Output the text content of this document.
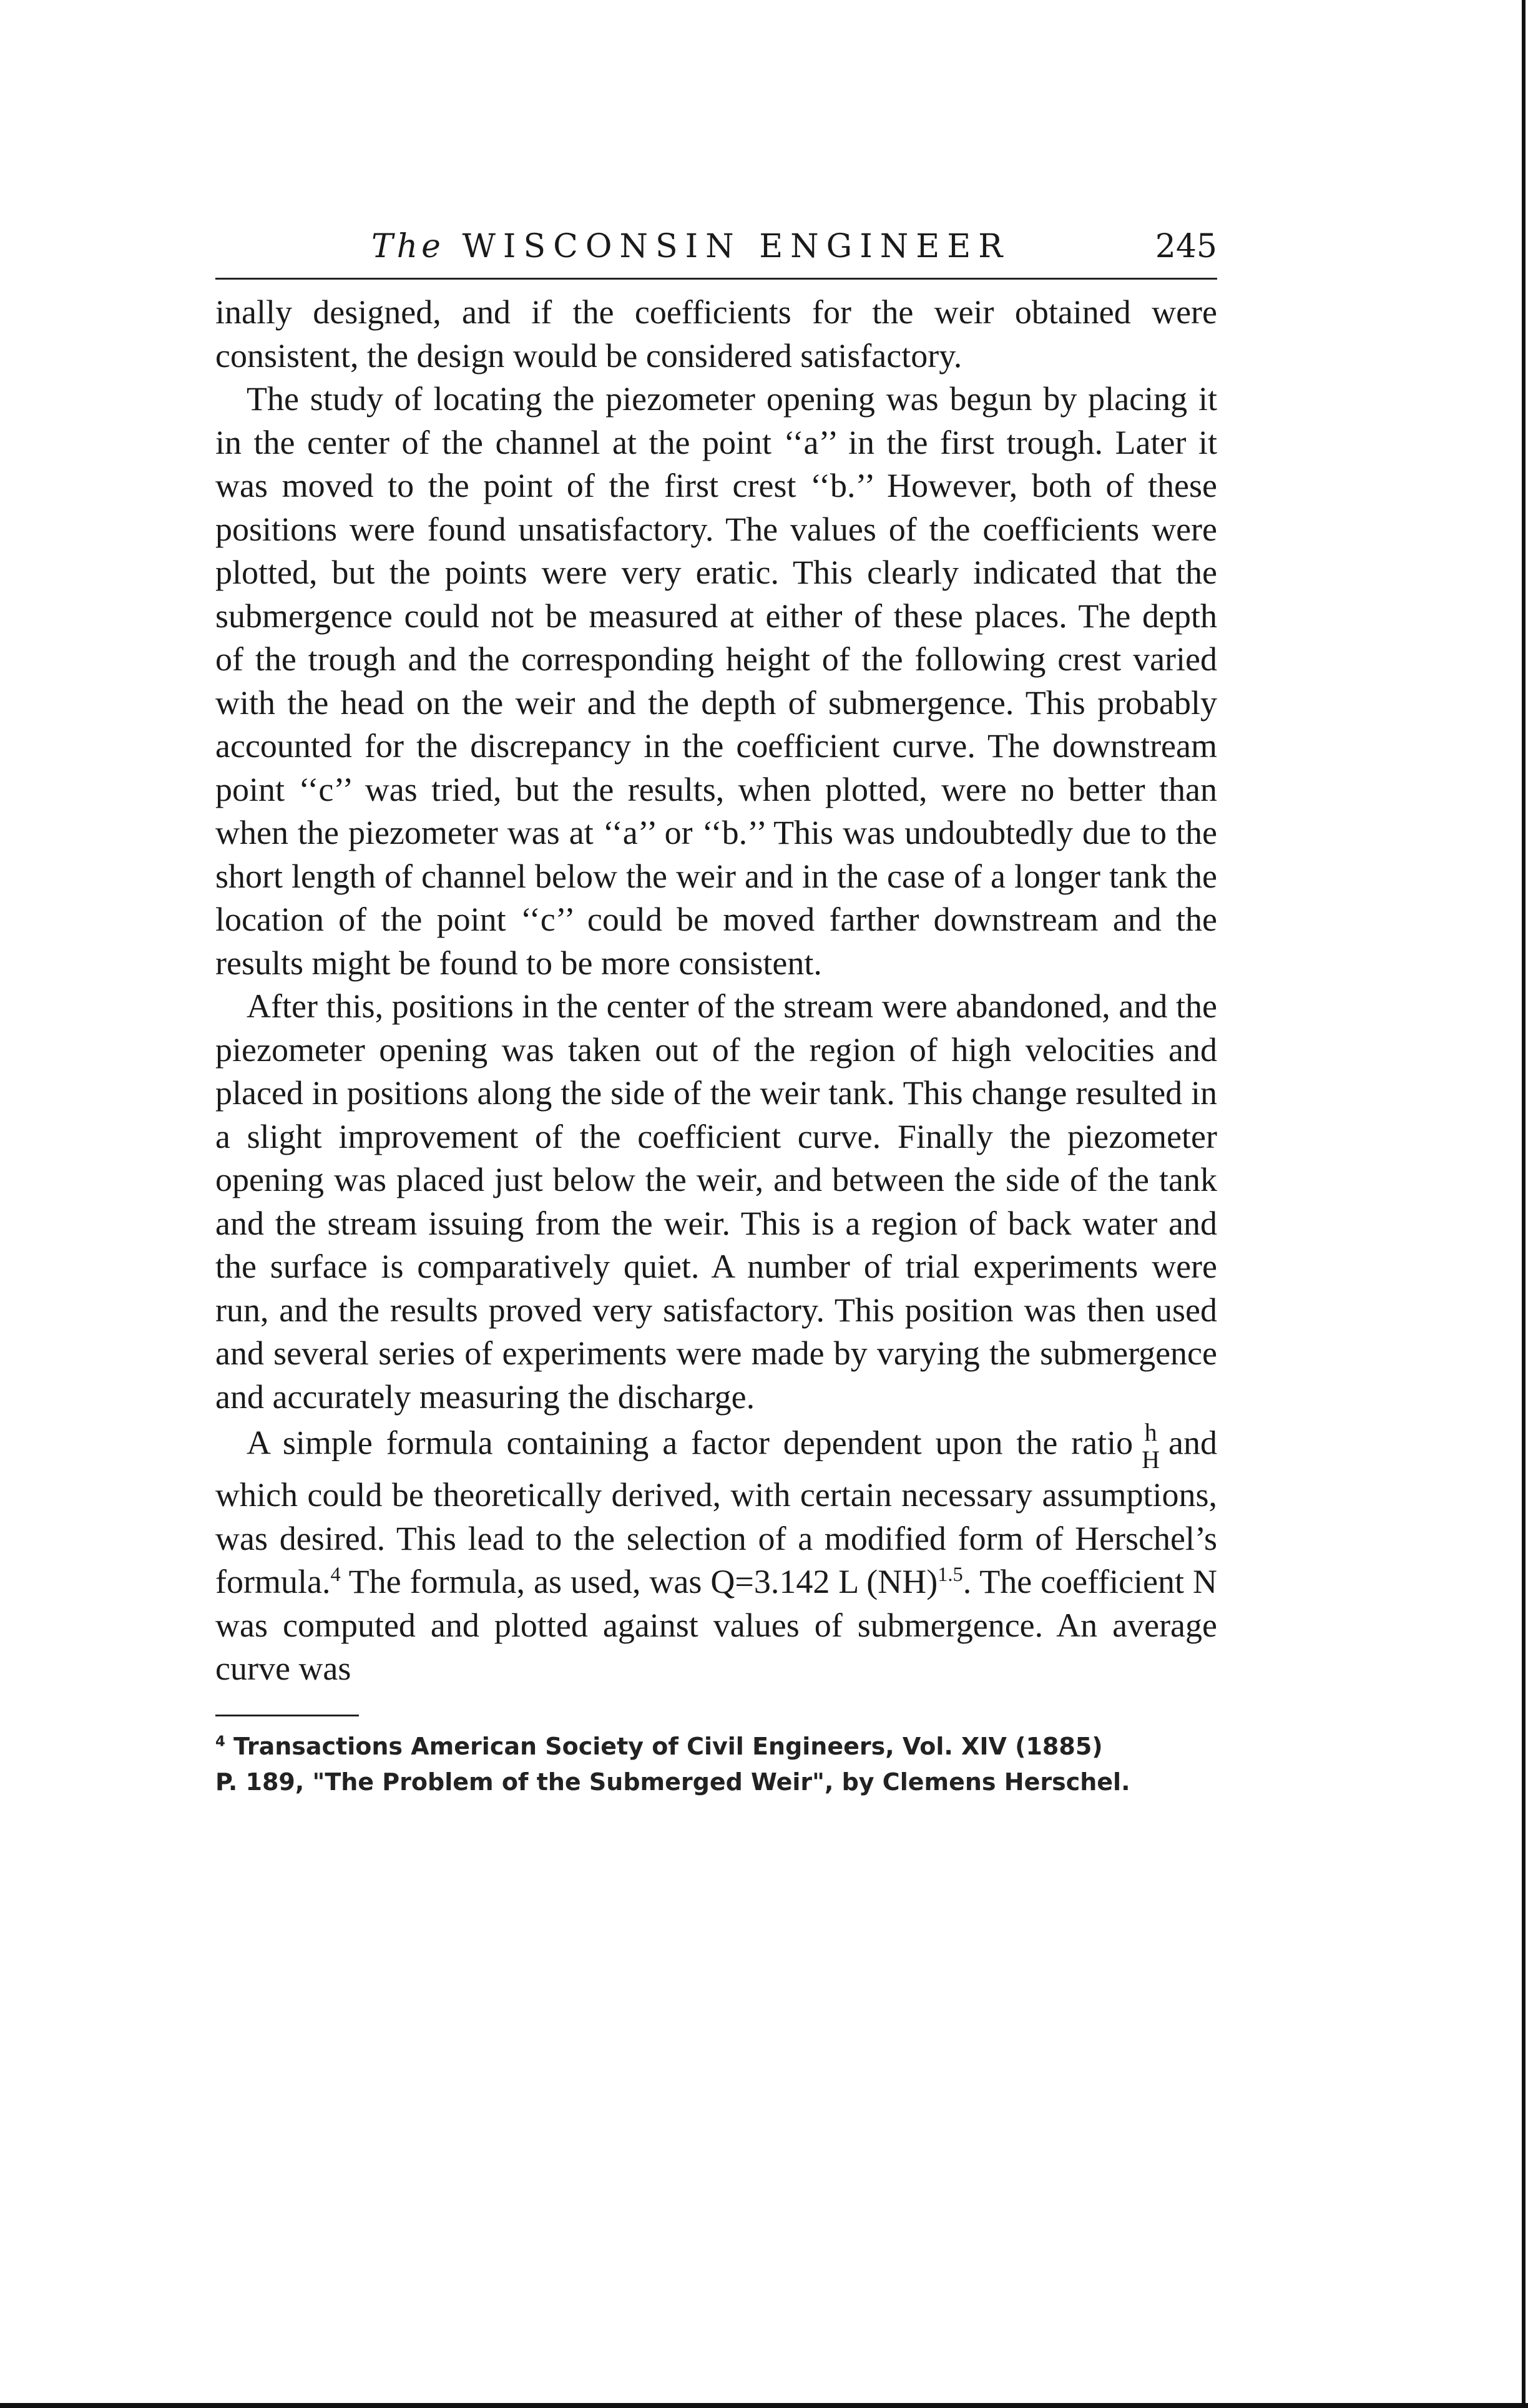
The WISCONSIN ENGINEER	245

inally designed, and if the coefficients for the weir obtained were consistent, the design would be considered satisfactory.

The study of locating the piezometer opening was begun by placing it in the center of the channel at the point ‘‘a’’ in the first trough. Later it was moved to the point of the first crest ‘‘b.’’ However, both of these positions were found unsatisfactory. The values of the coefficients were plotted, but the points were very eratic. This clearly indicated that the submergence could not be measured at either of these places. The depth of the trough and the corresponding height of the following crest varied with the head on the weir and the depth of submergence. This probably accounted for the discrepancy in the coefficient curve. The downstream point ‘‘c’’ was tried, but the results, when plotted, were no better than when the piezometer was at ‘‘a’’ or ‘‘b.’’ This was undoubtedly due to the short length of channel below the weir and in the case of a longer tank the location of the point ‘‘c’’ could be moved farther downstream and the results might be found to be more consistent.

After this, positions in the center of the stream were abandoned, and the piezometer opening was taken out of the region of high velocities and placed in positions along the side of the weir tank. This change resulted in a slight improvement of the coefficient curve. Finally the piezometer opening was placed just below the weir, and between the side of the tank and the stream issuing from the weir. This is a region of back water and the surface is comparatively quiet. A number of trial experiments were run, and the results proved very satisfactory. This position was then used and several series of experiments were made by varying the submergence and accurately measuring the discharge.

A simple formula containing a factor dependent upon the ratio h
H and which could be theoretically derived, with certain necessary assumptions, was desired. This lead to the selection of a modified form of Herschel’s formula.$^4$ The formula, as used, was Q=3.142 L (NH)$^{1.5}$. The coefficient N was computed and plotted against values of submergence. An average curve was

$^4$ Transactions American Society of Civil Engineers, Vol. XIV (1885)

P. 189, "The Problem of the Submerged Weir", by Clemens Herschel.
